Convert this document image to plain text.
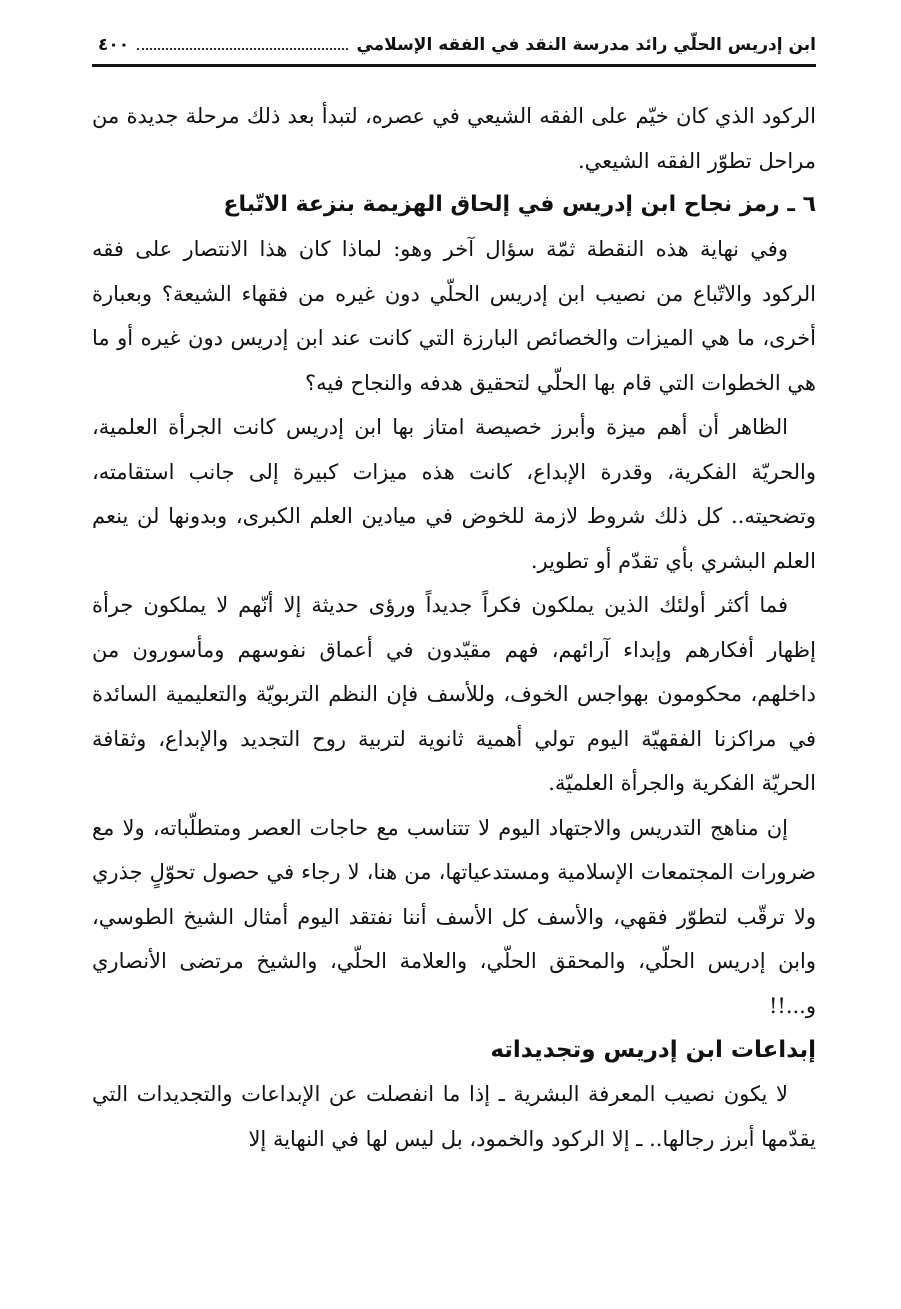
ابن إدريس الحلّي رائد مدرسة النقد في الفقه الإسلامي
٤٠٠

الركود الذي كان خيّم على الفقه الشيعي في عصره، لتبدأ بعد ذلك مرحلة جديدة من مراحل تطوّر الفقه الشيعي.

٦ ـ رمز نجاح ابن إدريس في إلحاق الهزيمة بنزعة الاتّباع

وفي نهاية هذه النقطة ثمّة سؤال آخر وهو: لماذا كان هذا الانتصار على فقه الركود والاتّباع من نصيب ابن إدريس الحلّي دون غيره من فقهاء الشيعة؟ وبعبارة أخرى، ما هي الميزات والخصائص البارزة التي كانت عند ابن إدريس دون غيره أو ما هي الخطوات التي قام بها الحلّي لتحقيق هدفه والنجاح فيه؟

الظاهر أن أهم ميزة وأبرز خصيصة امتاز بها ابن إدريس كانت الجرأة العلمية، والحريّة الفكرية، وقدرة الإبداع، كانت هذه ميزات كبيرة إلى جانب استقامته، وتضحيته.. كل ذلك شروط لازمة للخوض في ميادين العلم الكبرى، وبدونها لن ينعم العلم البشري بأي تقدّم أو تطوير.

فما أكثر أولئك الذين يملكون فكراً جديداً ورؤى حديثة إلا أنّهم لا يملكون جرأة إظهار أفكارهم وإبداء آرائهم، فهم مقيّدون في أعماق نفوسهم ومأسورون من داخلهم، محكومون بهواجس الخوف، وللأسف فإن النظم التربويّة والتعليمية السائدة في مراكزنا الفقهيّة اليوم تولي أهمية ثانوية لتربية روح التجديد والإبداع، وثقافة الحريّة الفكرية والجرأة العلميّة.

إن مناهج التدريس والاجتهاد اليوم لا تتناسب مع حاجات العصر ومتطلّباته، ولا مع ضرورات المجتمعات الإسلامية ومستدعياتها، من هنا، لا رجاء في حصول تحوّلٍ جذري ولا ترقّب لتطوّر فقهي، والأسف كل الأسف أننا نفتقد اليوم أمثال الشيخ الطوسي، وابن إدريس الحلّي، والمحقق الحلّي، والعلامة الحلّي، والشيخ مرتضى الأنصاري و...!!

إبداعات ابن إدريس وتجديداته

لا يكون نصيب المعرفة البشرية ـ إذا ما انفصلت عن الإبداعات والتجديدات التي يقدّمها أبرز رجالها.. ـ إلا الركود والخمود، بل ليس لها في النهاية إلا
